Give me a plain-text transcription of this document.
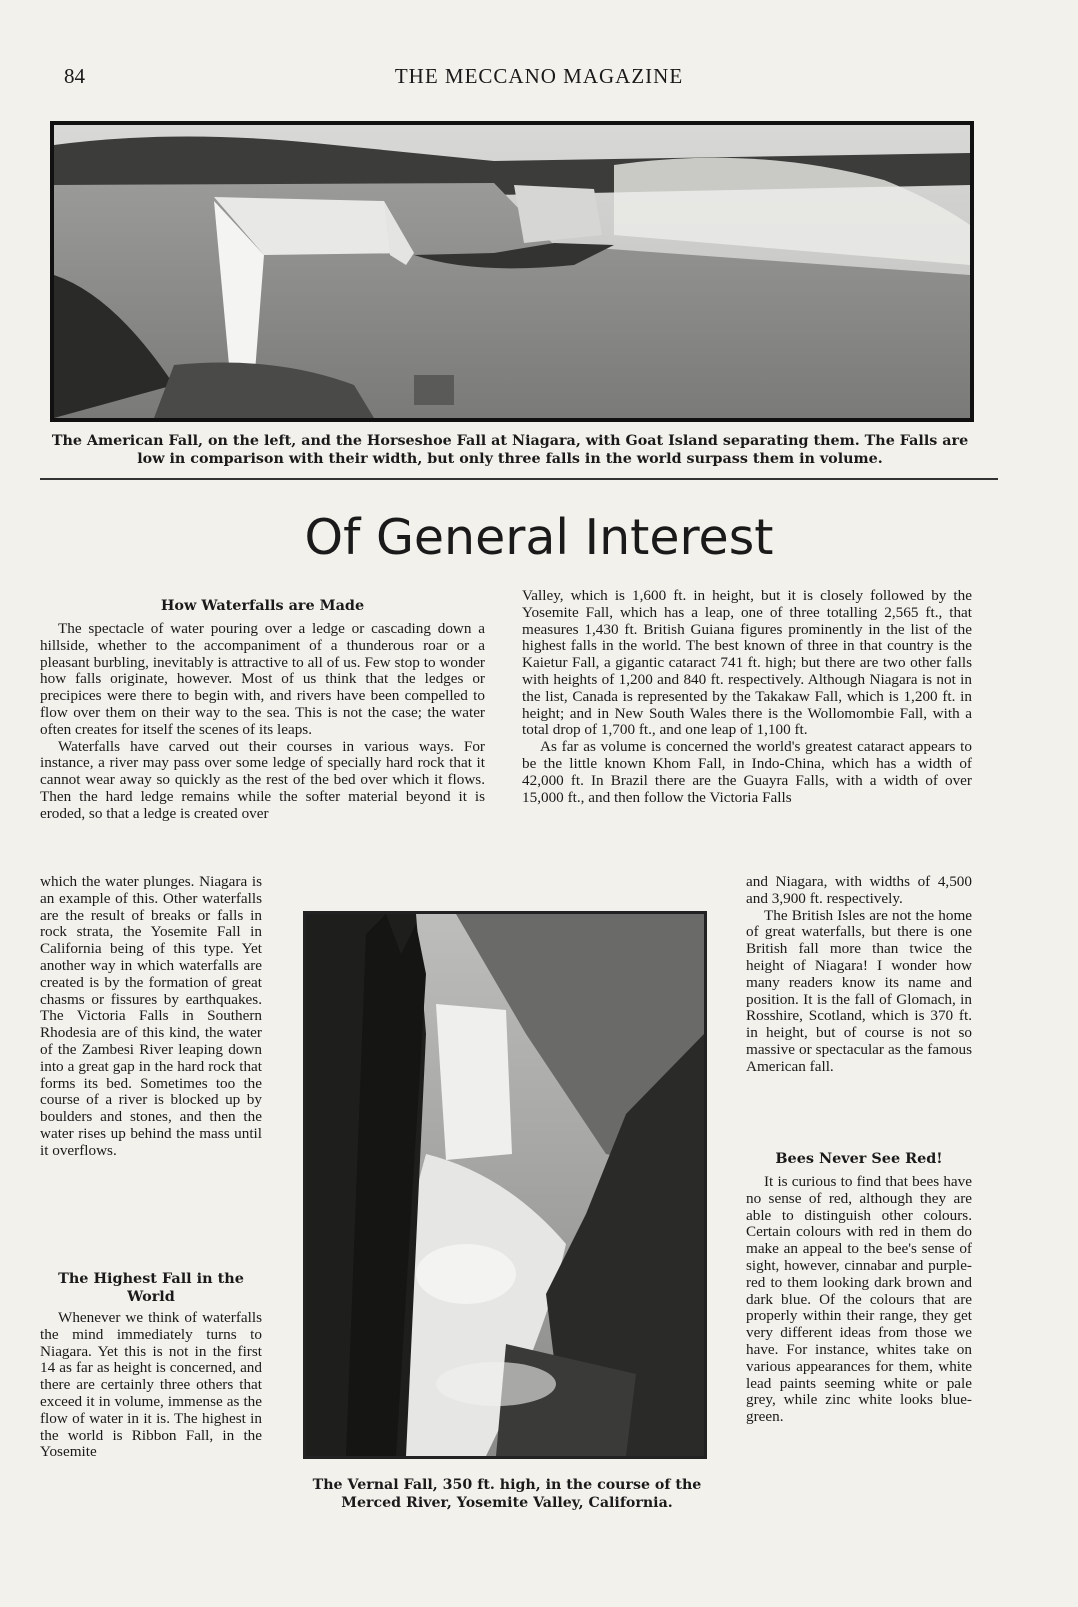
84	THE MECCANO MAGAZINE
The American Fall, on the left, and the Horseshoe Fall at Niagara, with Goat Island separating them. The Falls are low in comparison with their width, but only three falls in the world surpass them in volume.
Of General Interest
How Waterfalls are Made

The spectacle of water pouring over a ledge or cascading down a hillside, whether to the accompaniment of a thunderous roar or a pleasant burbling, inevitably is attractive to all of us. Few stop to wonder how falls originate, however. Most of us think that the ledges or precipices were there to begin with, and rivers have been compelled to flow over them on their way to the sea. This is not the case; the water often creates for itself the scenes of its leaps.

Waterfalls have carved out their courses in various ways. For instance, a river may pass over some ledge of specially hard rock that it cannot wear away so quickly as the rest of the bed over which it flows. Then the hard ledge remains while the softer material beyond it is eroded, so that a ledge is created over

which the water plunges. Niagara is an example of this. Other waterfalls are the result of breaks or falls in rock strata, the Yosemite Fall in California being of this type. Yet another way in which waterfalls are created is by the formation of great chasms or fissures by earthquakes. The Victoria Falls in Southern Rhodesia are of this kind, the water of the Zambesi River leaping down into a great gap in the hard rock that forms its bed. Sometimes too the course of a river is blocked up by boulders and stones, and then the water rises up behind the mass until it overflows.

The Highest Fall in the World

Whenever we think of waterfalls the mind immediately turns to Niagara. Yet this is not in the first 14 as far as height is concerned, and there are certainly three others that exceed it in volume, immense as the flow of water in it is. The highest in the world is Ribbon Fall, in the Yosemite

Valley, which is 1,600 ft. in height, but it is closely followed by the Yosemite Fall, which has a leap, one of three totalling 2,565 ft., that measures 1,430 ft. British Guiana figures prominently in the list of the highest falls in the world. The best known of three in that country is the Kaietur Fall, a gigantic cataract 741 ft. high; but there are two other falls with heights of 1,200 and 840 ft. respectively. Although Niagara is not in the list, Canada is represented by the Takakaw Fall, which is 1,200 ft. in height; and in New South Wales there is the Wollomombie Fall, with a total drop of 1,700 ft., and one leap of 1,100 ft.

As far as volume is concerned the world's greatest cataract appears to be the little known Khom Fall, in Indo-China, which has a width of 42,000 ft. In Brazil there are the Guayra Falls, with a width of over 15,000 ft., and then follow the Victoria Falls

and Niagara, with widths of 4,500 and 3,900 ft. respectively.

The British Isles are not the home of great waterfalls, but there is one British fall more than twice the height of Niagara! I wonder how many readers know its name and position. It is the fall of Glomach, in Rosshire, Scotland, which is 370 ft. in height, but of course is not so massive or spectacular as the famous American fall.

Bees Never See Red!

It is curious to find that bees have no sense of red, although they are able to distinguish other colours. Certain colours with red in them do make an appeal to the bee's sense of sight, however, cinnabar and purple-red to them looking dark brown and dark blue. Of the colours that are properly within their range, they get very different ideas from those we have. For instance, whites take on various appearances for them, white lead paints seeming white or pale grey, while zinc white looks blue-green.

The Vernal Fall, 350 ft. high, in the course of the Merced River, Yosemite Valley, California.
